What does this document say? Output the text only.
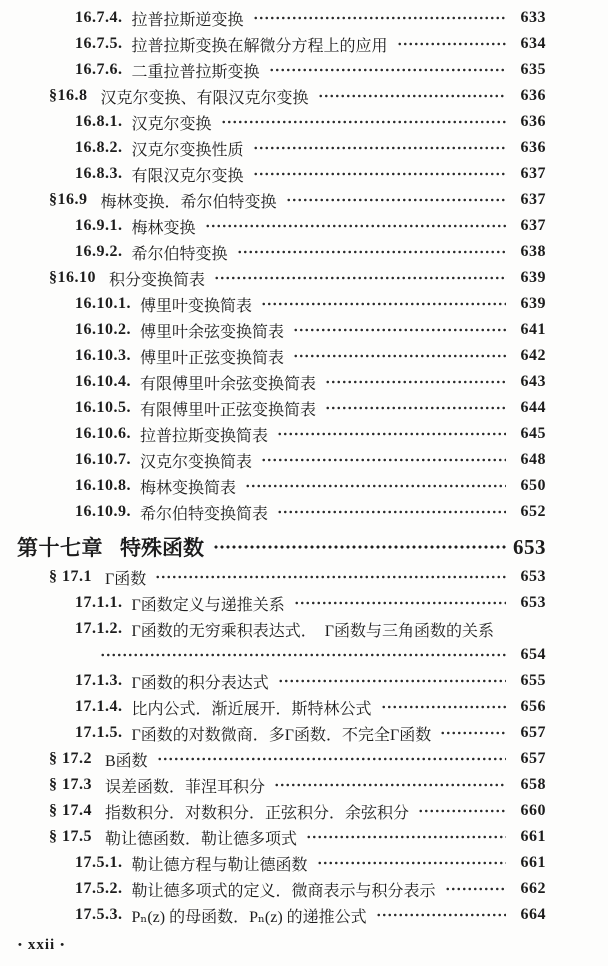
16.7.4. 拉普拉斯逆变换	633
16.7.5. 拉普拉斯变换在解微分方程上的应用	634
16.7.6. 二重拉普拉斯变换	635
§16.8 汉克尔变换、有限汉克尔变换	636
16.8.1. 汉克尔变换	636
16.8.2. 汉克尔变换性质	636
16.8.3. 有限汉克尔变换	637
§16.9 梅林变换．希尔伯特变换	637
16.9.1. 梅林变换	637
16.9.2. 希尔伯特变换	638
§16.10 积分变换简表	639
16.10.1. 傅里叶变换简表	639
16.10.2. 傅里叶余弦变换简表	641
16.10.3. 傅里叶正弦变换简表	642
16.10.4. 有限傅里叶余弦变换简表	643
16.10.5. 有限傅里叶正弦变换简表	644
16.10.6. 拉普拉斯变换简表	645
16.10.7. 汉克尔变换简表	648
16.10.8. 梅林变换简表	650
16.10.9. 希尔伯特变换简表	652
第十七章 特殊函数	653
§ 17.1 Γ函数	653
17.1.1. Γ函数定义与递推关系	653
17.1.2. Γ函数的无穷乘积表达式．　Γ函数与三角函数的关系
654
17.1.3. Γ函数的积分表达式	655
17.1.4. 比内公式．渐近展开．斯特林公式	656
17.1.5. Γ函数的对数微商．多Γ函数．不完全Γ函数	657
§ 17.2 B函数	657
§ 17.3 误差函数．菲涅耳积分	658
§ 17.4 指数积分．对数积分．正弦积分．余弦积分	660
§ 17.5 勒让德函数．勒让德多项式	661
17.5.1. 勒让德方程与勒让德函数	661
17.5.2. 勒让德多项式的定义．微商表示与积分表示	662
17.5.3. Pₙ(z) 的母函数．Pₙ(z) 的递推公式	664
• xxii •
